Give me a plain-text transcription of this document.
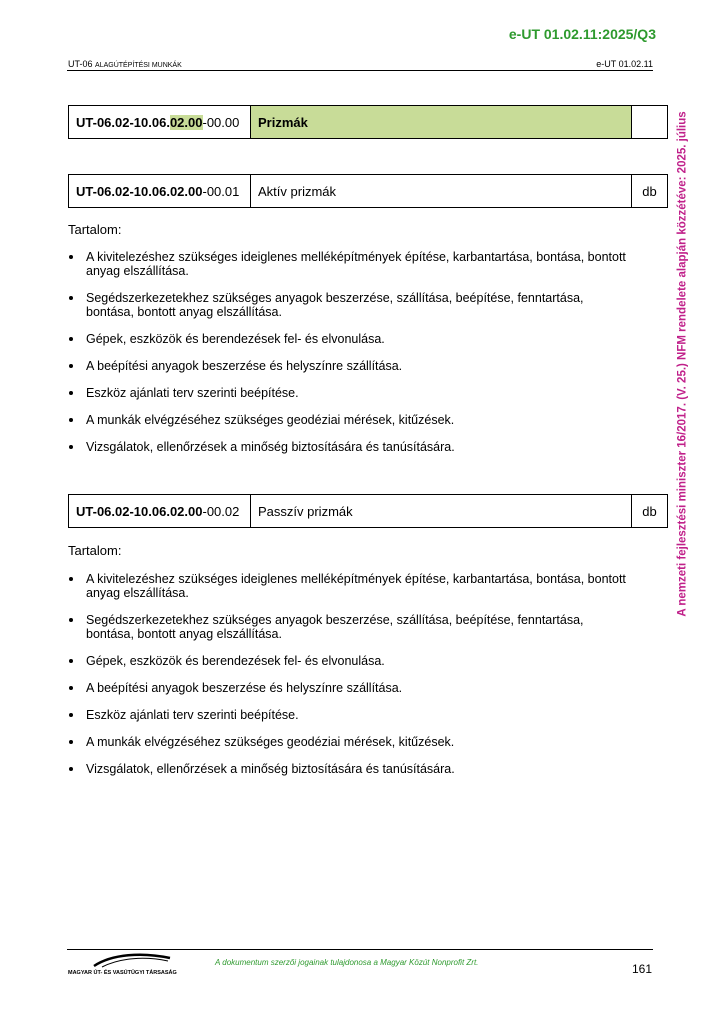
e-UT 01.02.11:2025/Q3
UT-06 ALAGÚTÉPÍTÉSI MUNKÁK	e-UT 01.02.11
A nemzeti fejlesztési miniszter 16/2017. (V. 25.) NFM rendelete alapján közzétéve: 2025. július
UT-06.02-10.06. 02.00 -00.00 Prizmák
UT-06.02-10.06.02.00 -00.01	Aktív prizmák	db
Tartalom:
A kivitelezéshez szükséges ideiglenes melléképítmények építése, karbantartása, bontása, bontott anyag elszállítása.
Segédszerkezetekhez szükséges anyagok beszerzése, szállítása, beépítése, fenntartása, bontása, bontott anyag elszállítása.
Gépek, eszközök és berendezések fel- és elvonulása.
A beépítési anyagok beszerzése és helyszínre szállítása.
Eszköz ajánlati terv szerinti beépítése.
A munkák elvégzéséhez szükséges geodéziai mérések, kitűzések.
Vizsgálatok, ellenőrzések a minőség biztosítására és tanúsítására.
UT-06.02-10.06.02.00 -00.02	Passzív prizmák	db
Tartalom:
A kivitelezéshez szükséges ideiglenes melléképítmények építése, karbantartása, bontása, bontott anyag elszállítása.
Segédszerkezetekhez szükséges anyagok beszerzése, szállítása, beépítése, fenntartása, bontása, bontott anyag elszállítása.
Gépek, eszközök és berendezések fel- és elvonulása.
A beépítési anyagok beszerzése és helyszínre szállítása.
Eszköz ajánlati terv szerinti beépítése.
A munkák elvégzéséhez szükséges geodéziai mérések, kitűzések.
Vizsgálatok, ellenőrzések a minőség biztosítására és tanúsítására.
MAGYAR ÚT- ÉS VASÚTÜGYI TÁRSASÁG
A dokumentum szerzői jogainak tulajdonosa a Magyar Közút Nonprofit Zrt.	161
